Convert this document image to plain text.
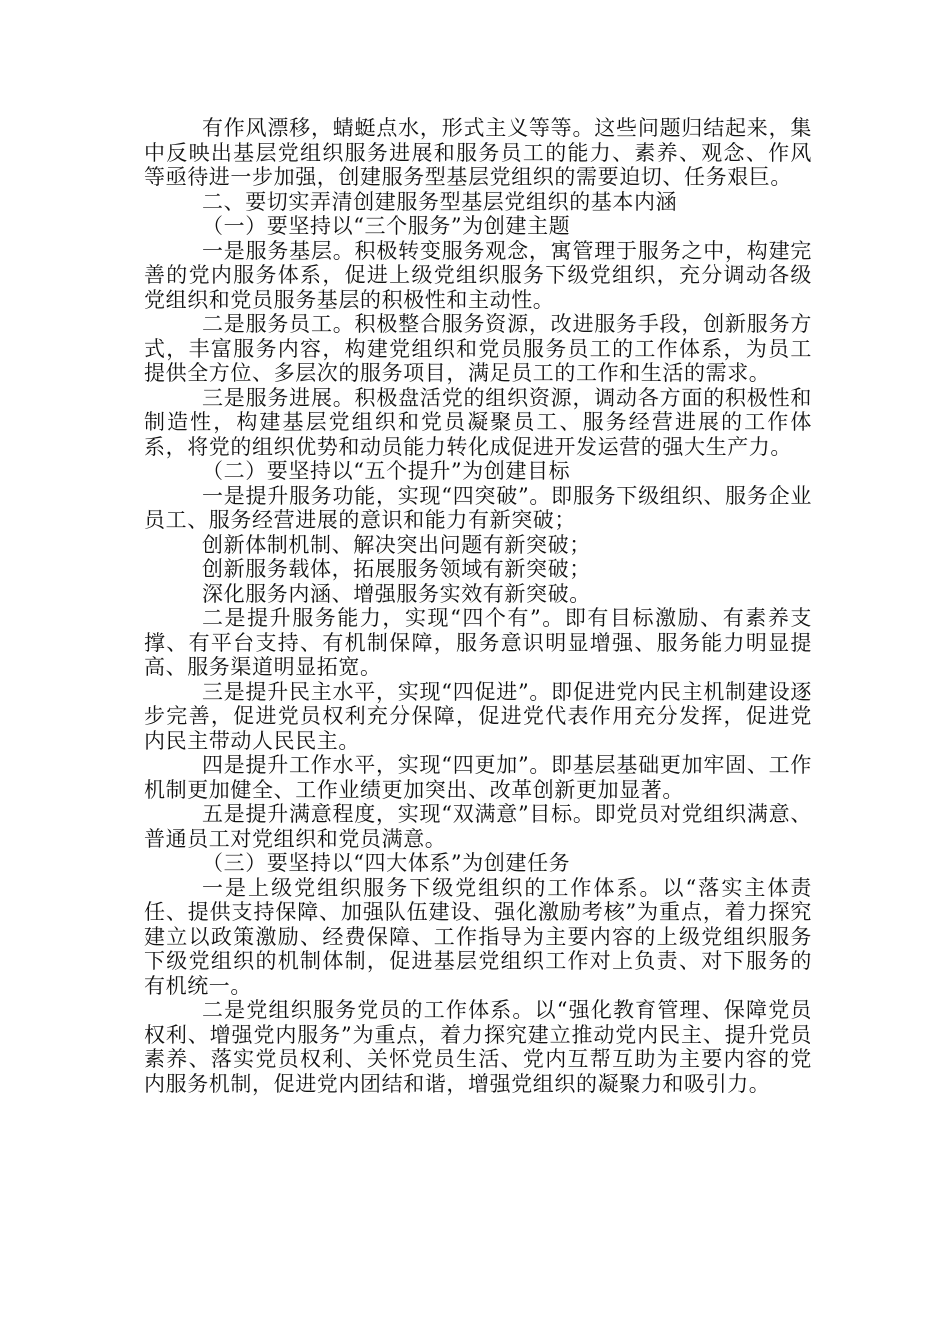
有作风漂移，蜻蜓点水，形式主义等等。这些问题归结起来，集中反映出基层党组织服务进展和服务员工的能力、素养、观念、作风等亟待进一步加强，创建服务型基层党组织的需要迫切、任务艰巨。

二、要切实弄清创建服务型基层党组织的基本内涵

（一）要坚持以“三个服务”为创建主题

一是服务基层。积极转变服务观念，寓管理于服务之中，构建完善的党内服务体系，促进上级党组织服务下级党组织，充分调动各级党组织和党员服务基层的积极性和主动性。

二是服务员工。积极整合服务资源，改进服务手段，创新服务方式，丰富服务内容，构建党组织和党员服务员工的工作体系，为员工提供全方位、多层次的服务项目，满足员工的工作和生活的需求。

三是服务进展。积极盘活党的组织资源，调动各方面的积极性和制造性，构建基层党组织和党员凝聚员工、服务经营进展的工作体系，将党的组织优势和动员能力转化成促进开发运营的强大生产力。

（二）要坚持以“五个提升”为创建目标

一是提升服务功能，实现“四突破”。即服务下级组织、服务企业员工、服务经营进展的意识和能力有新突破；

创新体制机制、解决突出问题有新突破；

创新服务载体，拓展服务领域有新突破；

深化服务内涵、增强服务实效有新突破。

二是提升服务能力，实现“四个有”。即有目标激励、有素养支撑、有平台支持、有机制保障，服务意识明显增强、服务能力明显提高、服务渠道明显拓宽。

三是提升民主水平，实现“四促进”。即促进党内民主机制建设逐步完善，促进党员权利充分保障，促进党代表作用充分发挥，促进党内民主带动人民民主。

四是提升工作水平，实现“四更加”。即基层基础更加牢固、工作机制更加健全、工作业绩更加突出、改革创新更加显著。

五是提升满意程度，实现“双满意”目标。即党员对党组织满意、普通员工对党组织和党员满意。

（三）要坚持以“四大体系”为创建任务

一是上级党组织服务下级党组织的工作体系。以“落实主体责任、提供支持保障、加强队伍建设、强化激励考核”为重点，着力探究建立以政策激励、经费保障、工作指导为主要内容的上级党组织服务下级党组织的机制体制，促进基层党组织工作对上负责、对下服务的有机统一。

二是党组织服务党员的工作体系。以“强化教育管理、保障党员权利、增强党内服务”为重点，着力探究建立推动党内民主、提升党员素养、落实党员权利、关怀党员生活、党内互帮互助为主要内容的党内服务机制，促进党内团结和谐，增强党组织的凝聚力和吸引力。
